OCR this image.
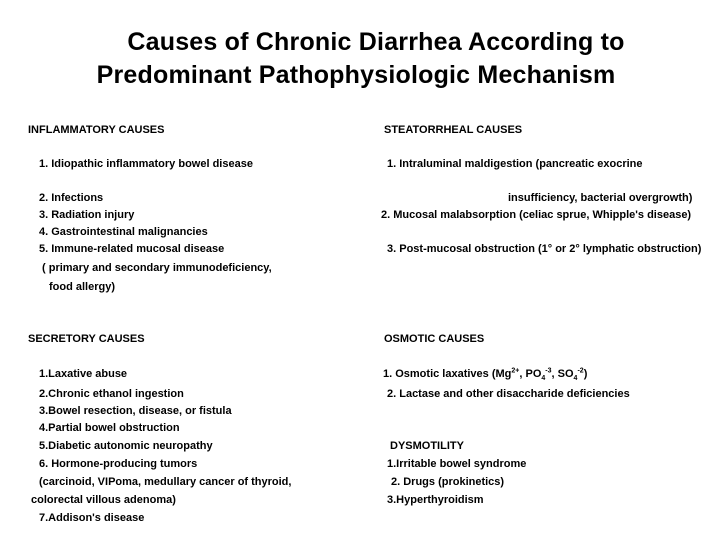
Causes of Chronic Diarrhea According to
Predominant Pathophysiologic Mechanism
INFLAMMATORY CAUSES
1. Idiopathic inflammatory bowel disease
2. Infections
3. Radiation injury
4. Gastrointestinal malignancies
5. Immune-related mucosal disease
( primary and secondary immunodeficiency,
food allergy)
STEATORRHEAL CAUSES
1. Intraluminal maldigestion (pancreatic exocrine
insufficiency, bacterial overgrowth)
2. Mucosal malabsorption (celiac sprue, Whipple's disease)
3. Post-mucosal obstruction (1° or 2° lymphatic obstruction)
SECRETORY CAUSES
1.Laxative abuse
2.Chronic ethanol ingestion
3.Bowel resection, disease, or fistula
4.Partial bowel obstruction
5.Diabetic autonomic neuropathy
6. Hormone-producing tumors
(carcinoid, VIPoma, medullary cancer of thyroid,
colorectal villous adenoma)
7.Addison's disease
OSMOTIC CAUSES
1. Osmotic laxatives ($Mg^{2+}$, $PO_4^{-3}$, $SO_4^{-2}$)
2. Lactase and other disaccharide deficiencies
DYSMOTILITY
1.Irritable bowel syndrome
2. Drugs (prokinetics)
3.Hyperthyroidism
